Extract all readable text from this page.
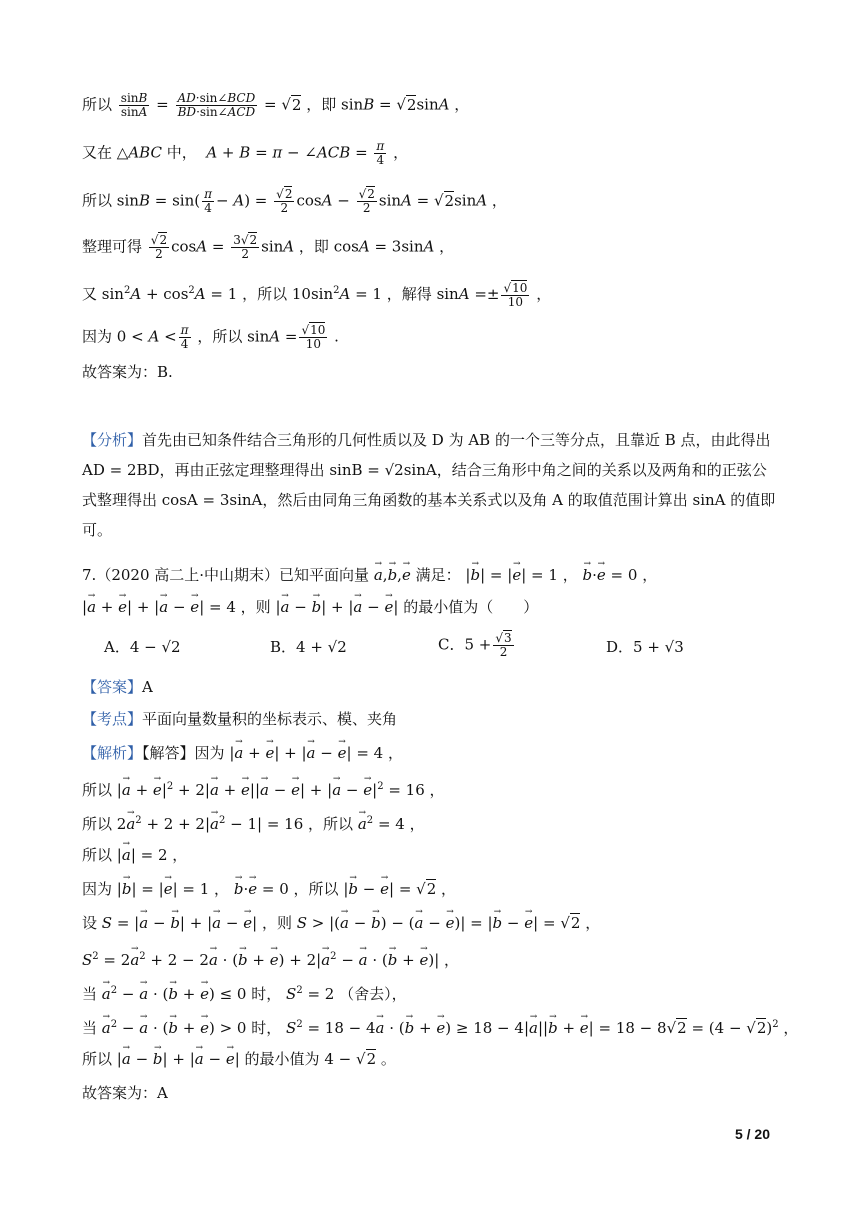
所以 $\frac{\sin B}{\sin A} = \frac{\text{AD·sin∠BCD}}{\text{BD·sin∠ACD}} = √2$ ，即 sinB = √2sinA ，
又在 △ABC 中， A + B = π − ∠ACB = $\frac{\pi}{4}$ ，
所以 $\sin B = \sin( \frac{\pi}{4} - A) = \frac{√2}{2}$ $\cos A - \frac{√2}{2}$ sinA = √2sinA ，
整理可得 $\frac{√2}{2}$ $\cos A = \frac{3√2}{2}$ sinA ，即 cosA = 3sinA ，
又 $\sin^2A + \cos^2A = 1$ ，所以 $10\sin^2A = 1$ ，解得 $\sin A =\pm \frac{√10}{10}$ ，
因为 $0 < A < \frac{\pi}{4}$ ，所以 $\sin A = \frac{√10}{10}$ .
故答案为：B.
【分析】首先由已知条件结合三角形的几何性质以及 D 为 AB 的一个三等分点，且靠近 B 点，由此得出 AD = 2BD，再由正弦定理整理得出 sinB = √2sinA，结合三角形中角之间的关系以及两角和的正弦公式整理得出 cosA = 3sinA，然后由同角三角函数的基本关系式以及角 A 的取值范围计算出 sinA 的值即可。
7.（2020 高二上·中山期末）已知平面向量 → a,→ b,→ e 满足： |→ b| = |→ e| = 1 ， → b·→ e = 0 ，
|→ a + → e| + |→ a − → e| = 4 ，则 |→ a − → b| + |→ a − → e| 的最小值为（　　）
A．4 − √2	B．4 + √2	C．$5 + \frac{√3}{2}$	D．5 + √3
【答案】A
【考点】平面向量数量积的坐标表示、模、夹角
【解析】【解答】因为 |→ a + → e| + |→ a − → e| = 4 ，
所以 |→ a + → $e|^2 + 2|\to a$ + → e||→ a − → e| + |→ a − → $e|^2 = 16$ ，
所以 $2\to a^2 + 2 + 2|\to a^2 - 1| = 16$ ，所以 → $a^2 = 4$ ，
所以 |→ a| = 2 ，
因为 |→ b| = |→ e| = 1 ， → b·→ e = 0 ，所以 |→ b − → e| = √2 ，
设 S = |→ a − → b| + |→ a − → e| ，则 S > |(→ a − → b) − (→ a − → e)| = |→ b − → e| = √2 ，
$S^2 = 2\to a^2 + 2 - 2\to a$ · (→ b + → $e) + 2|\to a^2$ − → a · (→ b + → e)| ，
当 → $a^2$ − → a · (→ b + → e) ≤ 0 时， $S^2 = 2$ （舍去），
当 → $a^2$ − → a · (→ b + → e) > 0 时， $S^2 = 18 - 4\to a$ · (→ b + → e) ≥ 18 − 4|→ a||→ b + → $e| = 18 - 8√2 = (4 - √2)^2$ ，
所以 |→ a − → b| + |→ a − → e| 的最小值为 4 − √2 。
故答案为：A
5 / 20
